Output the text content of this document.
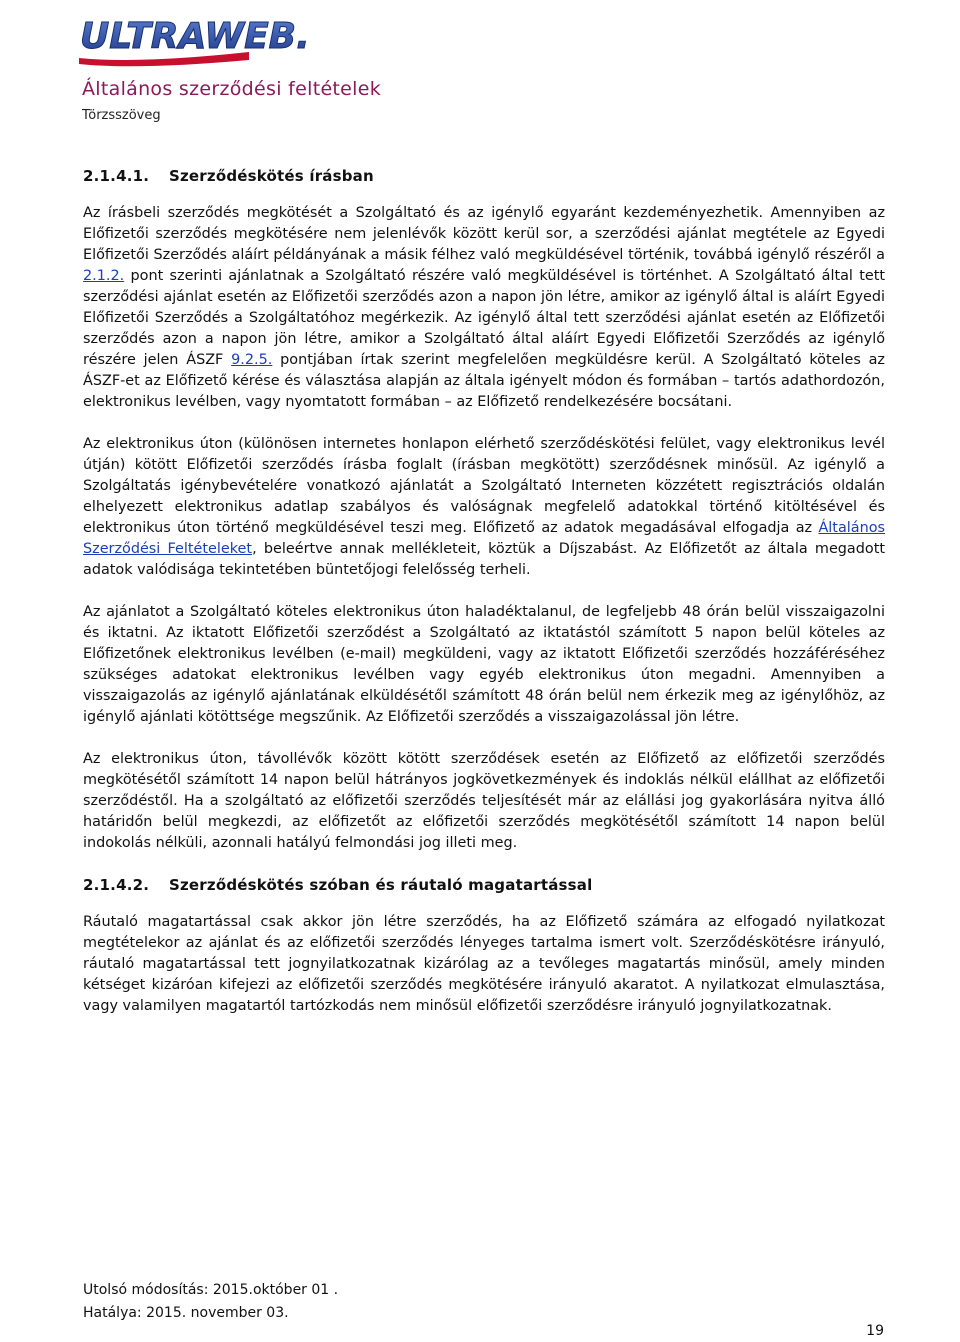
ULTRAWEB.
Általános szerződési feltételek
Törzsszöveg
2.1.4.1. Szerződéskötés írásban

Az írásbeli szerződés megkötését a Szolgáltató és az igénylő egyaránt kezdeményezhetik. Amennyiben az Előfizetői szerződés megkötésére nem jelenlévők között kerül sor, a szerződési ajánlat megtétele az Egyedi Előfizetői Szerződés aláírt példányának a másik félhez való megküldésével történik, továbbá igénylő részéről a 2.1.2. pont szerinti ajánlatnak a Szolgáltató részére való megküldésével is történhet. A Szolgáltató által tett szerződési ajánlat esetén az Előfizetői szerződés azon a napon jön létre, amikor az igénylő által is aláírt Egyedi Előfizetői Szerződés a Szolgáltatóhoz megérkezik. Az igénylő által tett szerződési ajánlat esetén az Előfizetői szerződés azon a napon jön létre, amikor a Szolgáltató által aláírt Egyedi Előfizetői Szerződés az igénylő részére jelen ÁSZF 9.2.5. pontjában írtak szerint megfelelően megküldésre kerül. A Szolgáltató köteles az ÁSZF-et az Előfizető kérése és választása alapján az általa igényelt módon és formában – tartós adathordozón, elektronikus levélben, vagy nyomtatott formában – az Előfizető rendelkezésére bocsátani.

Az elektronikus úton (különösen internetes honlapon elérhető szerződéskötési felület, vagy elektronikus levél útján) kötött Előfizetői szerződés írásba foglalt (írásban megkötött) szerződésnek minősül. Az igénylő a Szolgáltatás igénybevételére vonatkozó ajánlatát a Szolgáltató Interneten közzétett regisztrációs oldalán elhelyezett elektronikus adatlap szabályos és valóságnak megfelelő adatokkal történő kitöltésével és elektronikus úton történő megküldésével teszi meg. Előfizető az adatok megadásával elfogadja az Általános Szerződési Feltételeket, beleértve annak mellékleteit, köztük a Díjszabást. Az Előfizetőt az általa megadott adatok valódisága tekintetében büntetőjogi felelősség terheli.

Az ajánlatot a Szolgáltató köteles elektronikus úton haladéktalanul, de legfeljebb 48 órán belül visszaigazolni és iktatni. Az iktatott Előfizetői szerződést a Szolgáltató az iktatástól számított 5 napon belül köteles az Előfizetőnek elektronikus levélben (e-mail) megküldeni, vagy az iktatott Előfizetői szerződés hozzáféréséhez szükséges adatokat elektronikus levélben vagy egyéb elektronikus úton megadni. Amennyiben a visszaigazolás az igénylő ajánlatának elküldésétől számított 48 órán belül nem érkezik meg az igénylőhöz, az igénylő ajánlati kötöttsége megszűnik. Az Előfizetői szerződés a visszaigazolással jön létre.

Az elektronikus úton, távollévők között kötött szerződések esetén az Előfizető az előfizetői szerződés megkötésétől számított 14 napon belül hátrányos jogkövetkezmények és indoklás nélkül elállhat az előfizetői szerződéstől. Ha a szolgáltató az előfizetői szerződés teljesítését már az elállási jog gyakorlására nyitva álló határidőn belül megkezdi, az előfizetőt az előfizetői szerződés megkötésétől számított 14 napon belül indokolás nélküli, azonnali hatályú felmondási jog illeti meg.

2.1.4.2. Szerződéskötés szóban és ráutaló magatartással

Ráutaló magatartással csak akkor jön létre szerződés, ha az Előfizető számára az elfogadó nyilatkozat megtételekor az ajánlat és az előfizetői szerződés lényeges tartalma ismert volt. Szerződéskötésre irányuló, ráutaló magatartással tett jognyilatkozatnak kizárólag az a tevőleges magatartás minősül, amely minden kétséget kizáróan kifejezi az előfizetői szerződés megkötésére irányuló akaratot. A nyilatkozat elmulasztása, vagy valamilyen magatartól tartózkodás nem minősül előfizetői szerződésre irányuló jognyilatkozatnak.

Utolsó módosítás: 2015.október 01 .
Hatálya: 2015. november 03.
19
